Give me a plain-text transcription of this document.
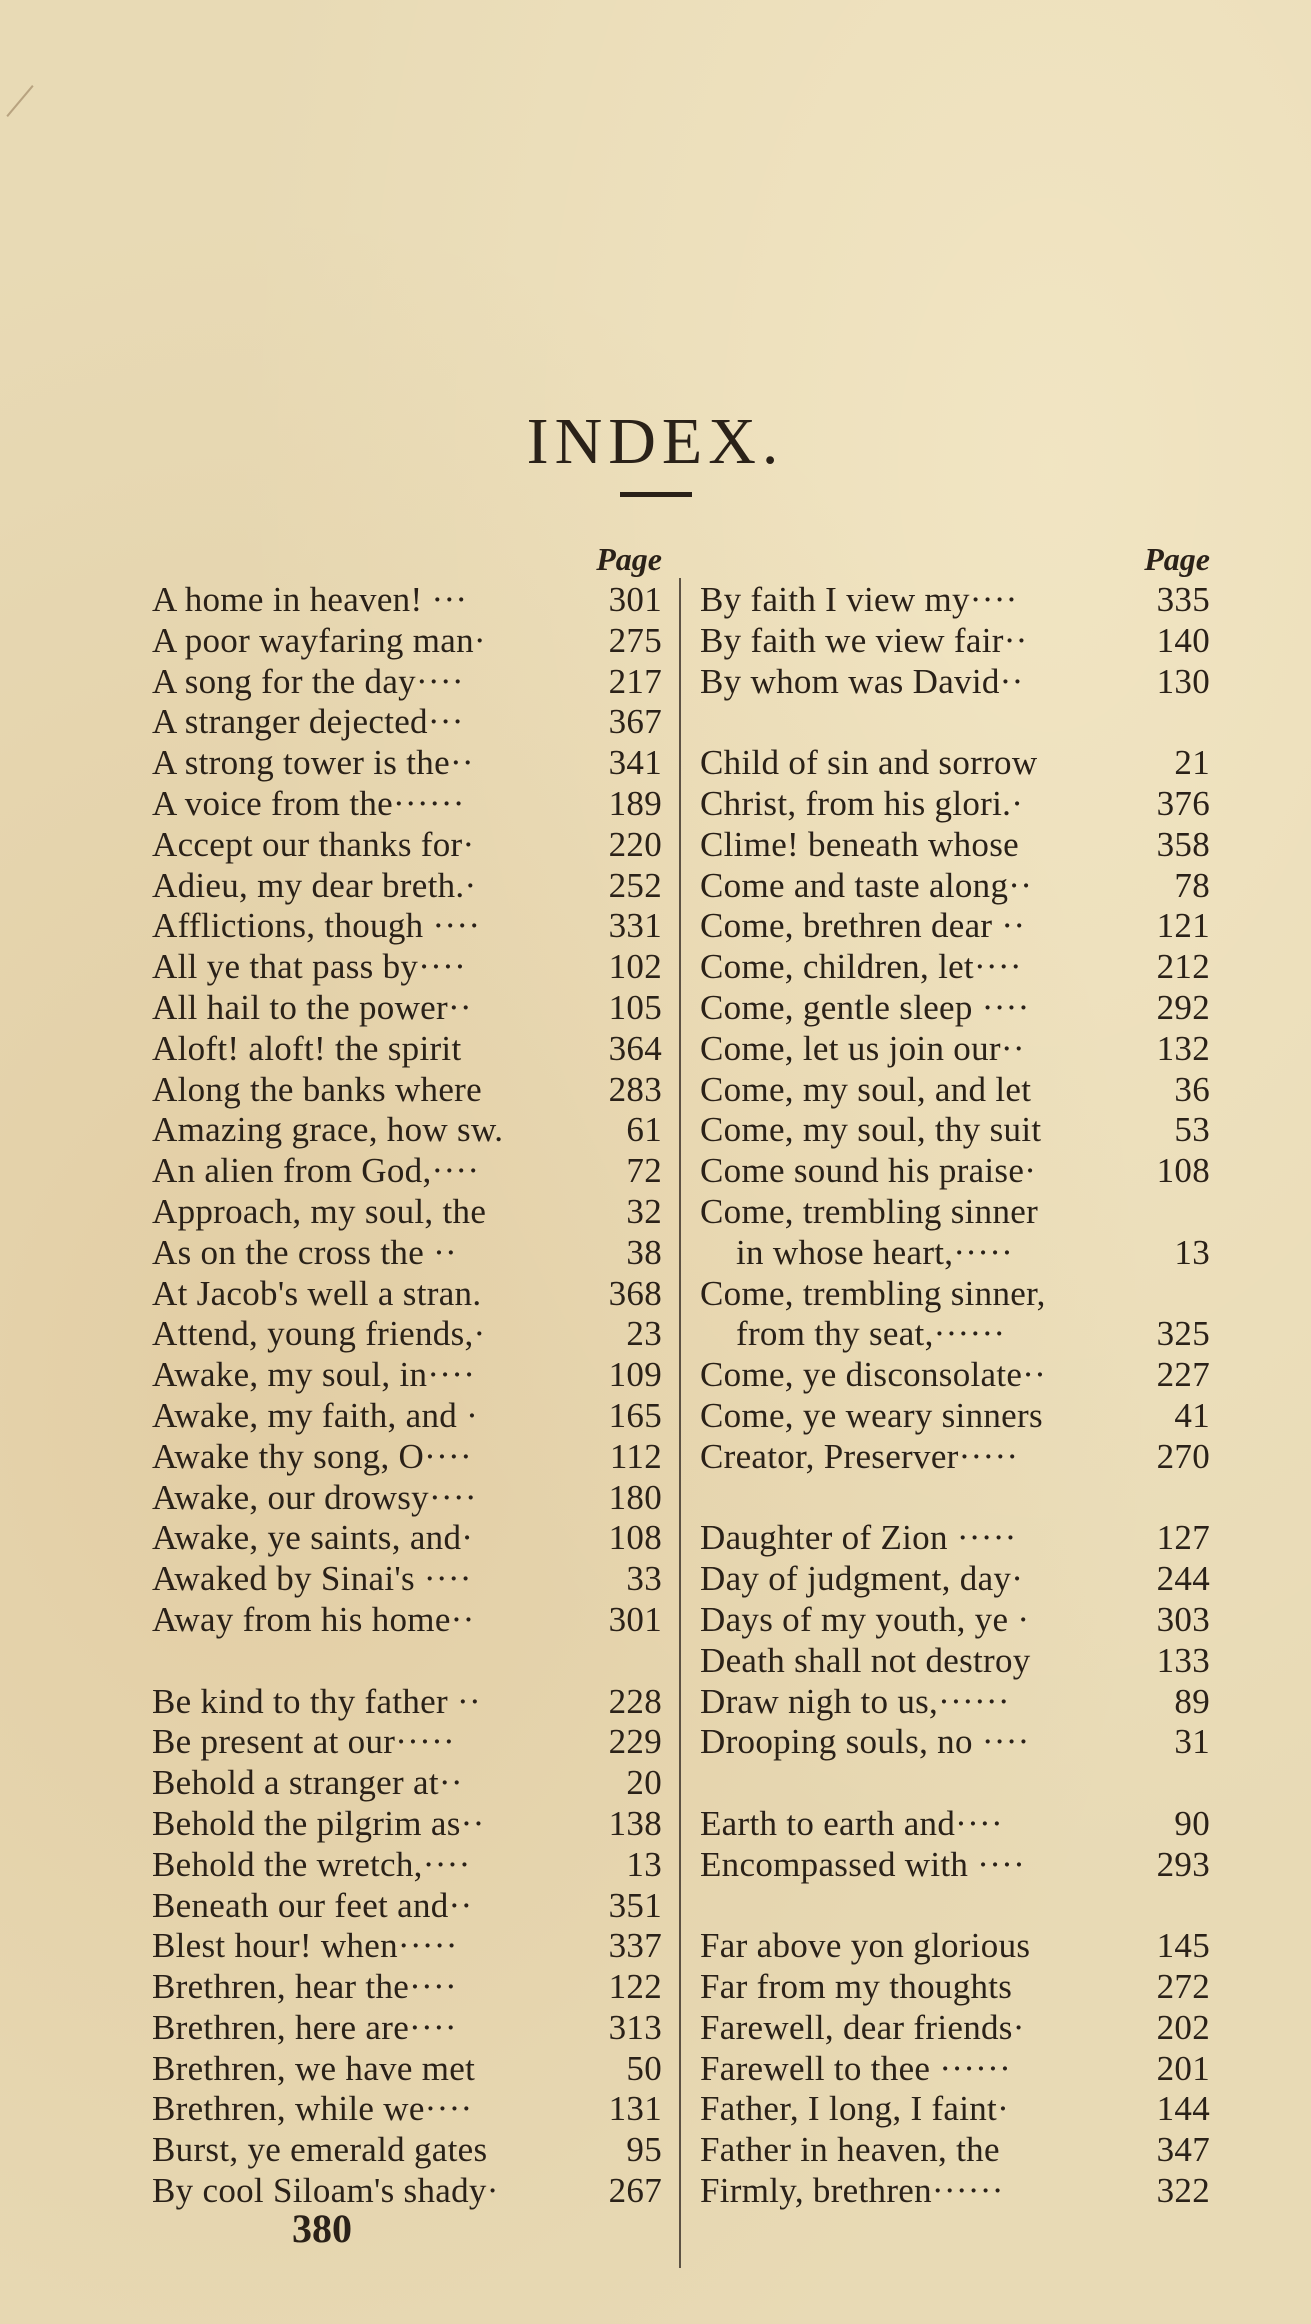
INDEX.
Page
A home in heaven! ···	301
A poor wayfaring man·	275
A song for the day····	217
A stranger dejected···	367
A strong tower is the··	341
A voice from the······	189
Accept our thanks for·	220
Adieu, my dear breth.·	252
Afflictions, though ····	331
All ye that pass by····	102
All hail to the power··	105
Aloft! aloft! the spirit	364
Along the banks where	283
Amazing grace, how sw.	61
An alien from God,····	72
Approach, my soul, the	32
As on the cross the ··	38
At Jacob's well a stran.	368
Attend, young friends,·	23
Awake, my soul, in····	109
Awake, my faith, and ·	165
Awake thy song, O····	112
Awake, our drowsy····	180
Awake, ye saints, and·	108
Awaked by Sinai's ····	33
Away from his home··	301
Be kind to thy father ··	228
Be present at our·····	229
Behold a stranger at··	20
Behold the pilgrim as··	138
Behold the wretch,····	13
Beneath our feet and··	351
Blest hour! when·····	337
Brethren, hear the····	122
Brethren, here are····	313
Brethren, we have met	50
Brethren, while we····	131
Burst, ye emerald gates	95
By cool Siloam's shady·	267
Page
By faith I view my····	335
By faith we view fair··	140
By whom was David··	130
Child of sin and sorrow	21
Christ, from his glori.·	376
Clime! beneath whose	358
Come and taste along··	78
Come, brethren dear ··	121
Come, children, let····	212
Come, gentle sleep ····	292
Come, let us join our··	132
Come, my soul, and let	36
Come, my soul, thy suit	53
Come sound his praise·	108
Come, trembling sinner
in whose heart,·····	13
Come, trembling sinner,
from thy seat,······	325
Come, ye disconsolate··	227
Come, ye weary sinners	41
Creator, Preserver·····	270
Daughter of Zion ·····	127
Day of judgment, day·	244
Days of my youth, ye ·	303
Death shall not destroy	133
Draw nigh to us,······	89
Drooping souls, no ····	31
Earth to earth and····	90
Encompassed with ····	293
Far above yon glorious	145
Far from my thoughts	272
Farewell, dear friends·	202
Farewell to thee ······	201
Father, I long, I faint·	144
Father in heaven, the	347
Firmly, brethren······	322
380
